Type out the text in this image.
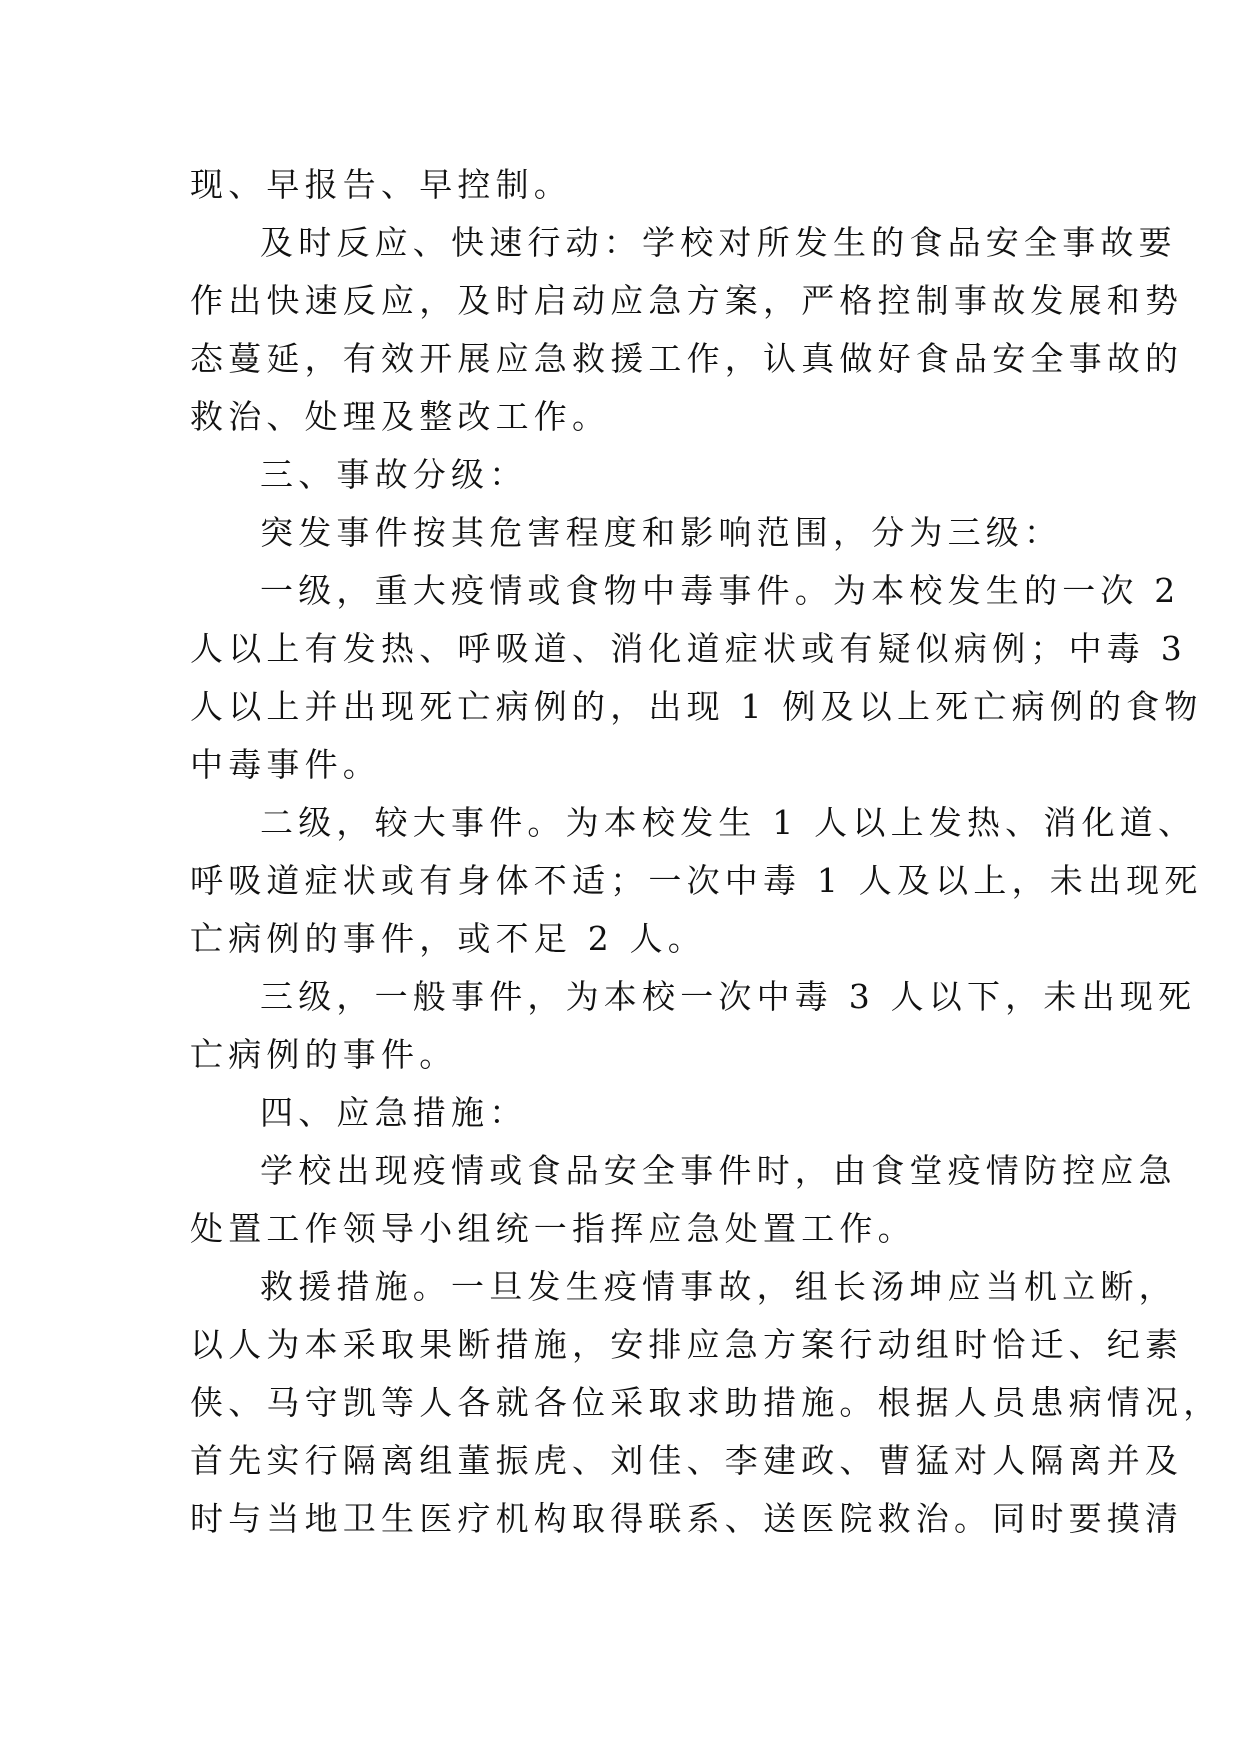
现、早报告、早控制。
及时反应、快速行动：学校对所发生的食品安全事故要
作出快速反应，及时启动应急方案，严格控制事故发展和势
态蔓延，有效开展应急救援工作，认真做好食品安全事故的
救治、处理及整改工作。
三、事故分级：
突发事件按其危害程度和影响范围，分为三级：
一级，重大疫情或食物中毒事件。为本校发生的一次 2
人以上有发热、呼吸道、消化道症状或有疑似病例；中毒 3
人以上并出现死亡病例的，出现 1 例及以上死亡病例的食物
中毒事件。
二级，较大事件。为本校发生 1 人以上发热、消化道、
呼吸道症状或有身体不适；一次中毒 1 人及以上，未出现死
亡病例的事件，或不足 2 人。
三级，一般事件，为本校一次中毒 3 人以下，未出现死
亡病例的事件。
四、应急措施：
学校出现疫情或食品安全事件时，由食堂疫情防控应急
处置工作领导小组统一指挥应急处置工作。
救援措施。一旦发生疫情事故，组长汤坤应当机立断，
以人为本采取果断措施，安排应急方案行动组时恰迁、纪素
侠、马守凯等人各就各位采取求助措施。根据人员患病情况，
首先实行隔离组董振虎、刘佳、李建政、曹猛对人隔离并及
时与当地卫生医疗机构取得联系、送医院救治。同时要摸清
